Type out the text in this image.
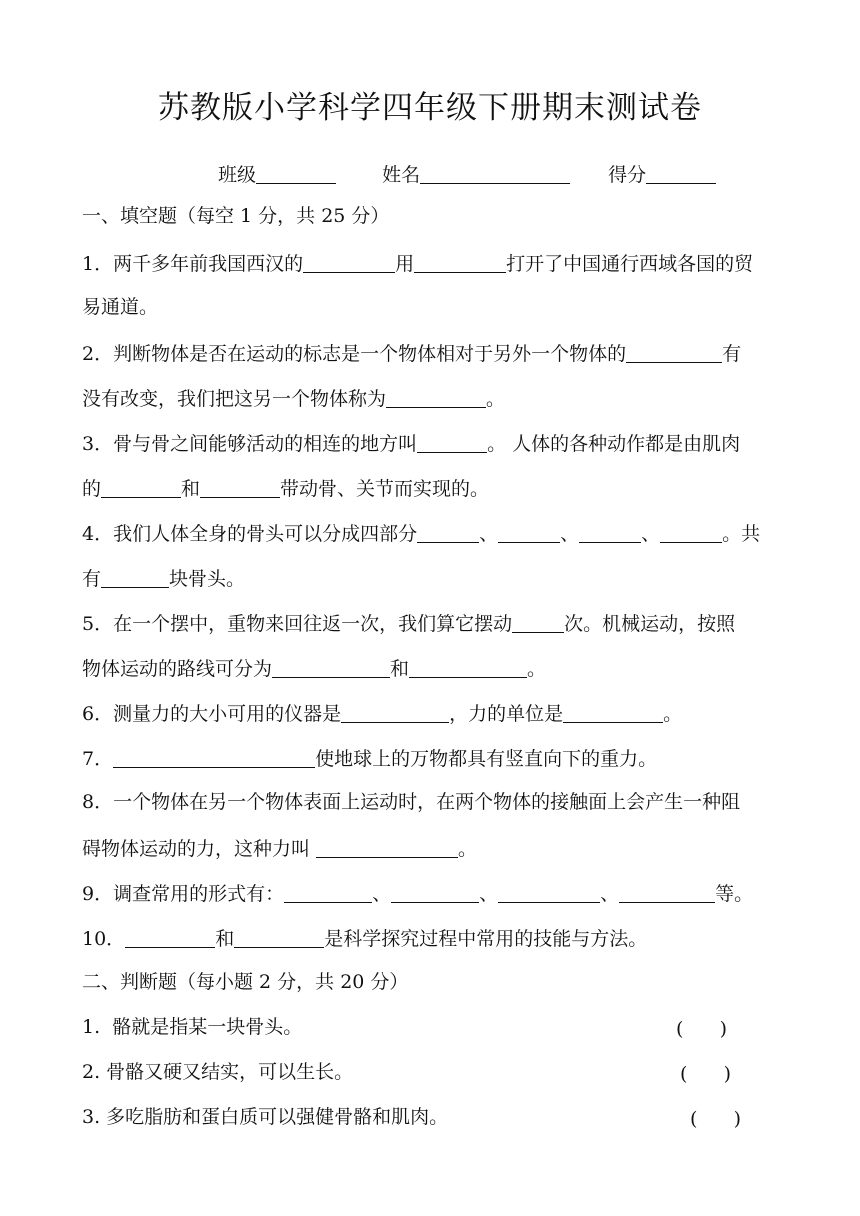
苏教版小学科学四年级下册期末测试卷
班级	姓名	得分
一、填空题（每空 1 分，共 25 分）
1．两千多年前我国西汉的	用	打开了中国通行西域各国的贸
易通道。
2．判断物体是否在运动的标志是一个物体相对于另外一个物体的	有
没有改变，我们把这另一个物体称为	。
3．骨与骨之间能够活动的相连的地方叫	。 人体的各种动作都是由肌肉
的	和	带动骨、关节而实现的。
4．我们人体全身的骨头可以分成四部分	、	、	、	。共
有	块骨头。
5．在一个摆中，重物来回往返一次，我们算它摆动	次。机械运动，按照
物体运动的路线可分为	和	。
6．测量力的大小可用的仪器是	，力的单位是	。
7．	使地球上的万物都具有竖直向下的重力。
8．一个物体在另一个物体表面上运动时，在两个物体的接触面上会产生一种阻
碍物体运动的力，这种力叫	。
9．调查常用的形式有：	、	、	、	等。
10．	和	是科学探究过程中常用的技能与方法。
二、判断题（每小题 2 分，共 20 分）
1.  骼就是指某一块骨头。	(      )
2. 骨骼又硬又结实，可以生长。	(      )
3. 多吃脂肪和蛋白质可以强健骨骼和肌肉。	(      )
